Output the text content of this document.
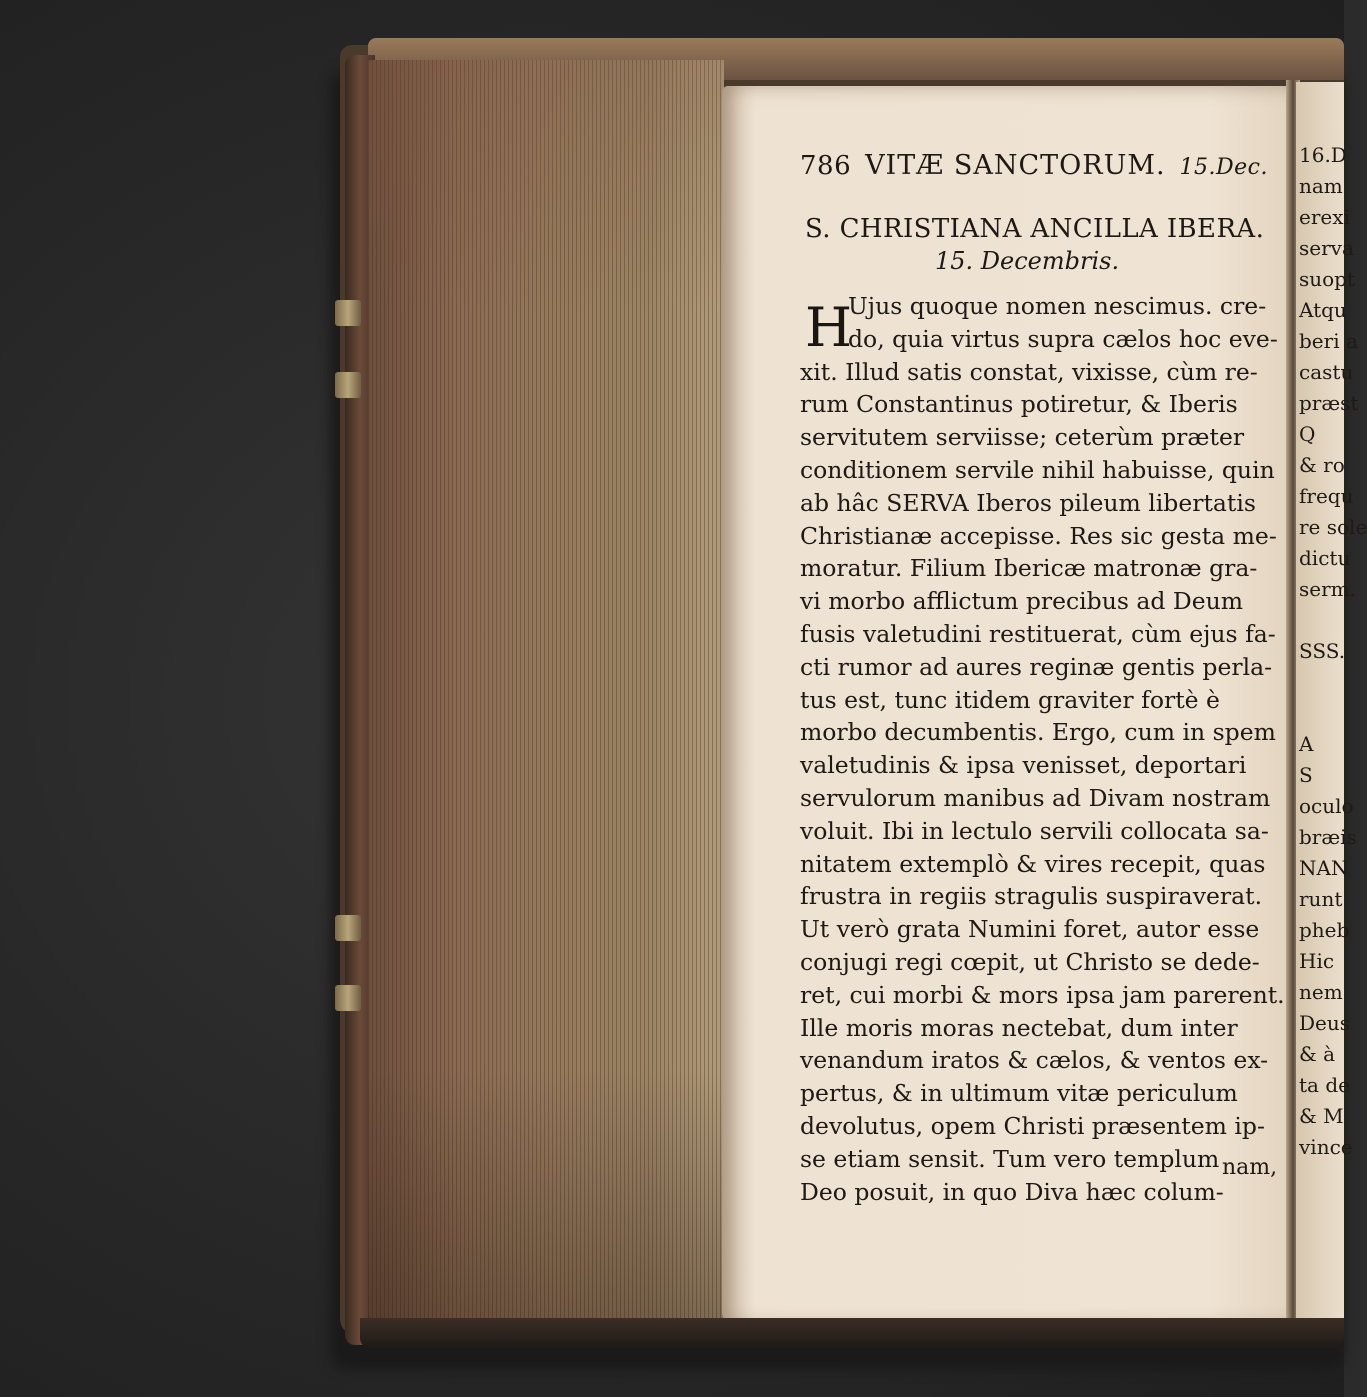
786 VITÆ SANCTORUM. 15.Dec.
S. CHRISTIANA ANCILLA IBERA.
15. Decembris.
H
Ujus quoque nomen nescimus. cre-
do, quia virtus supra cælos hoc eve-
xit. Illud satis constat, vixisse, cùm re-
rum Constantinus potiretur, & Iberis
servitutem serviisse; ceterùm præter
conditionem servile nihil habuisse, quin
ab hâc SERVA Iberos pileum libertatis
Christianæ accepisse. Res sic gesta me-
moratur. Filium Ibericæ matronæ gra-
vi morbo afflictum precibus ad Deum
fusis valetudini restituerat, cùm ejus fa-
cti rumor ad aures reginæ gentis perla-
tus est, tunc itidem graviter fortè è
morbo decumbentis. Ergo, cum in spem
valetudinis & ipsa venisset, deportari
servulorum manibus ad Divam nostram
voluit. Ibi in lectulo servili collocata sa-
nitatem extemplò & vires recepit, quas
frustra in regiis stragulis suspiraverat.
Ut verò grata Numini foret, autor esse
conjugi regi cœpit, ut Christo se dede-
ret, cui morbi & mors ipsa jam parerent.
Ille moris moras nectebat, dum inter
venandum iratos & cælos, & ventos ex-
pertus, & in ultimum vitæ periculum
devolutus, opem Christi præsentem ip-
se etiam sensit. Tum vero templum
Deo posuit, in quo Diva hæc colum-
nam,
16.D
nam
erexi
serva
suopt
Atqu
beri a
castu
præst
Q
& ro
frequ
re sole
dictu
serm.
SSS.
A
S
oculo
bræis
NAN
runt
pheb
Hic
nem
Deus
& à
ta de
& M
vince
